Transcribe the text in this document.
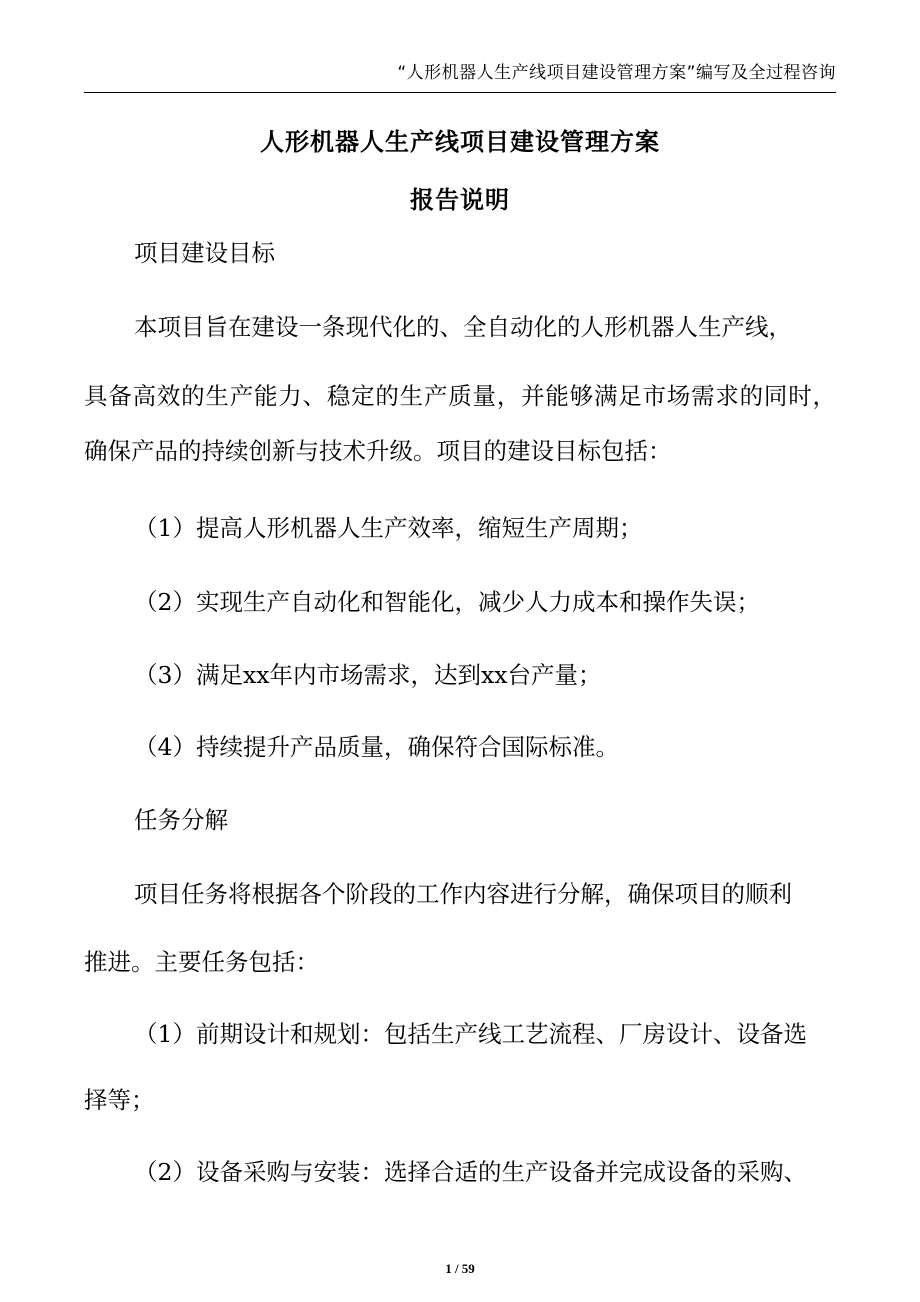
“人形机器人生产线项目建设管理方案”编写及全过程咨询
人形机器人生产线项目建设管理方案
报告说明
项目建设目标
本项目旨在建设一条现代化的、全自动化的人形机器人生产线，
具备高效的生产能力、稳定的生产质量，并能够满足市场需求的同时，
确保产品的持续创新与技术升级。项目的建设目标包括：
（1）提高人形机器人生产效率，缩短生产周期；
（2）实现生产自动化和智能化，减少人力成本和操作失误；
（3）满足xx年内市场需求，达到xx台产量；
（4）持续提升产品质量，确保符合国际标准。
任务分解
项目任务将根据各个阶段的工作内容进行分解，确保项目的顺利
推进。主要任务包括：
（1）前期设计和规划：包括生产线工艺流程、厂房设计、设备选
择等；
（2）设备采购与安装：选择合适的生产设备并完成设备的采购、
1 / 59
